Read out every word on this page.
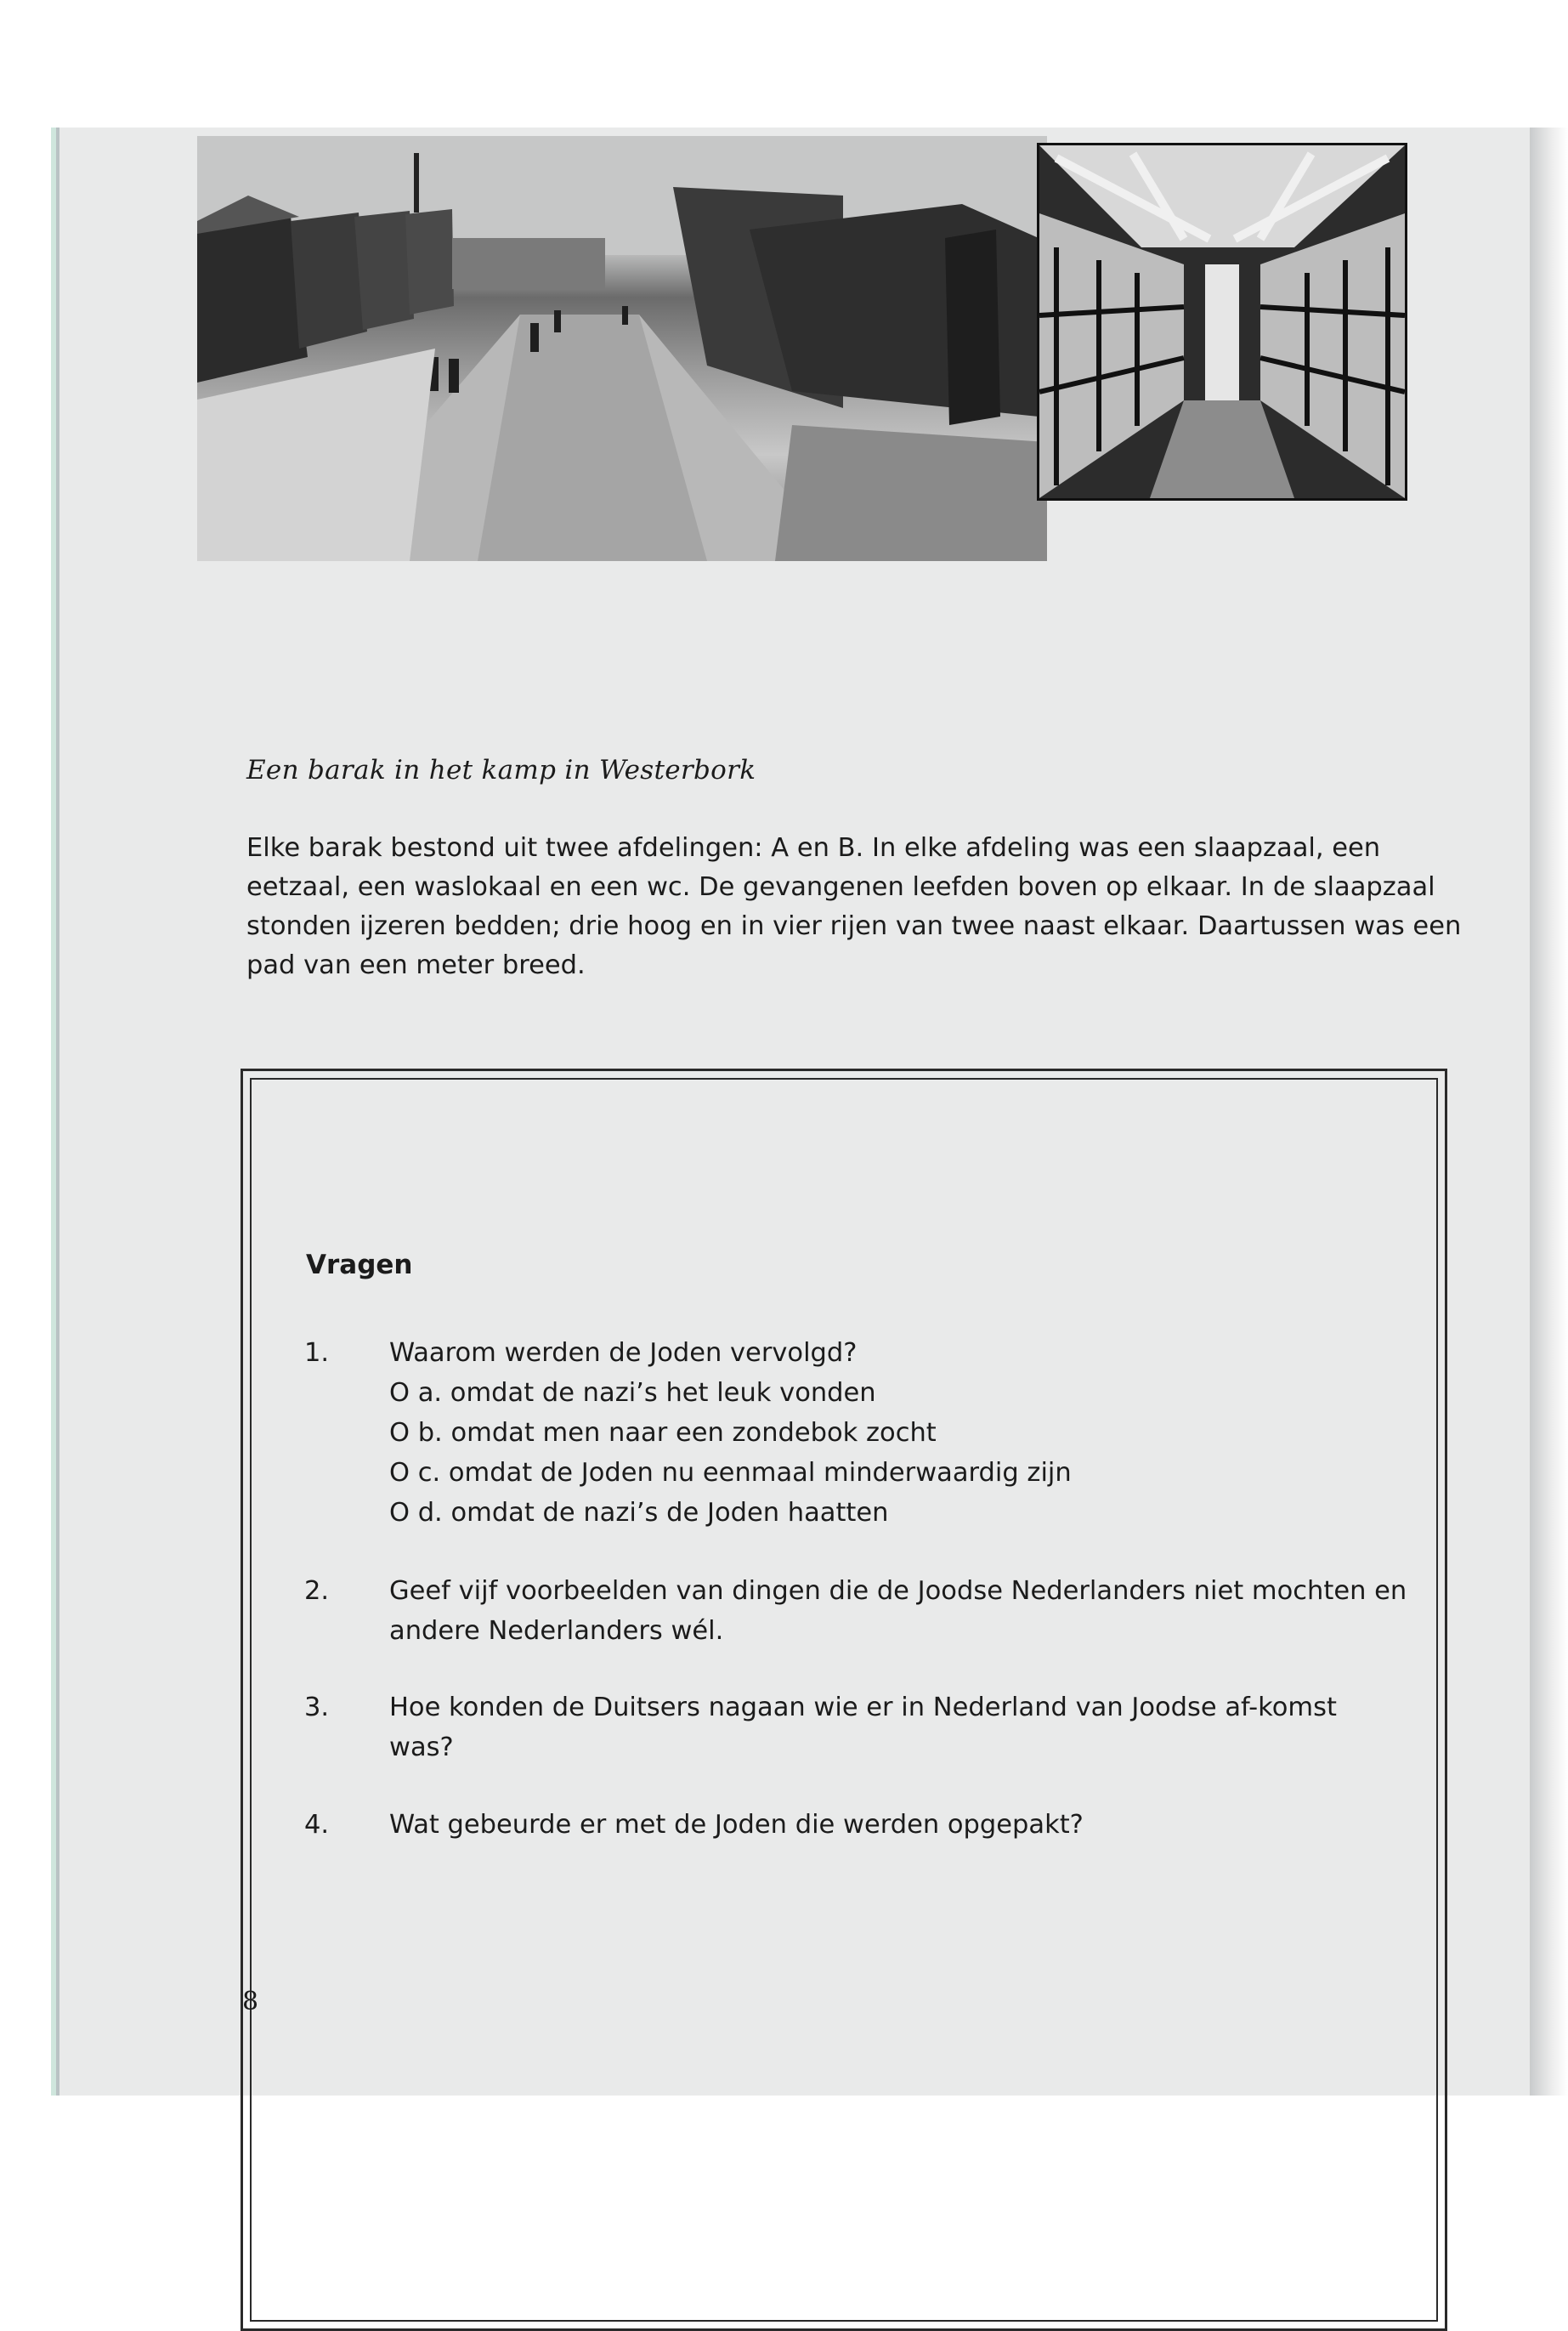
Een barak in het kamp in Westerbork

Elke barak bestond uit twee afdelingen: A en B. In elke afdeling was een slaapzaal, een eetzaal, een waslokaal en een wc. De gevangenen leefden boven op elkaar. In de slaapzaal stonden ijzeren bedden; drie hoog en in vier rijen van twee naast elkaar. Daartussen was een pad van een meter breed.

Vragen
1.	Waarom werden de Joden vervolgd?
O a. omdat de nazi’s het leuk vonden
O b. omdat men naar een zondebok zocht
O c. omdat de Joden nu eenmaal minderwaardig zijn
O d. omdat de nazi’s de Joden haatten
2.	Geef vijf voorbeelden van dingen die de Joodse Nederlanders niet mochten en andere Nederlanders wél.
3.	Hoe konden de Duitsers nagaan wie er in Nederland van Joodse af-komst was?
4.	Wat gebeurde er met de Joden die werden opgepakt?
8
